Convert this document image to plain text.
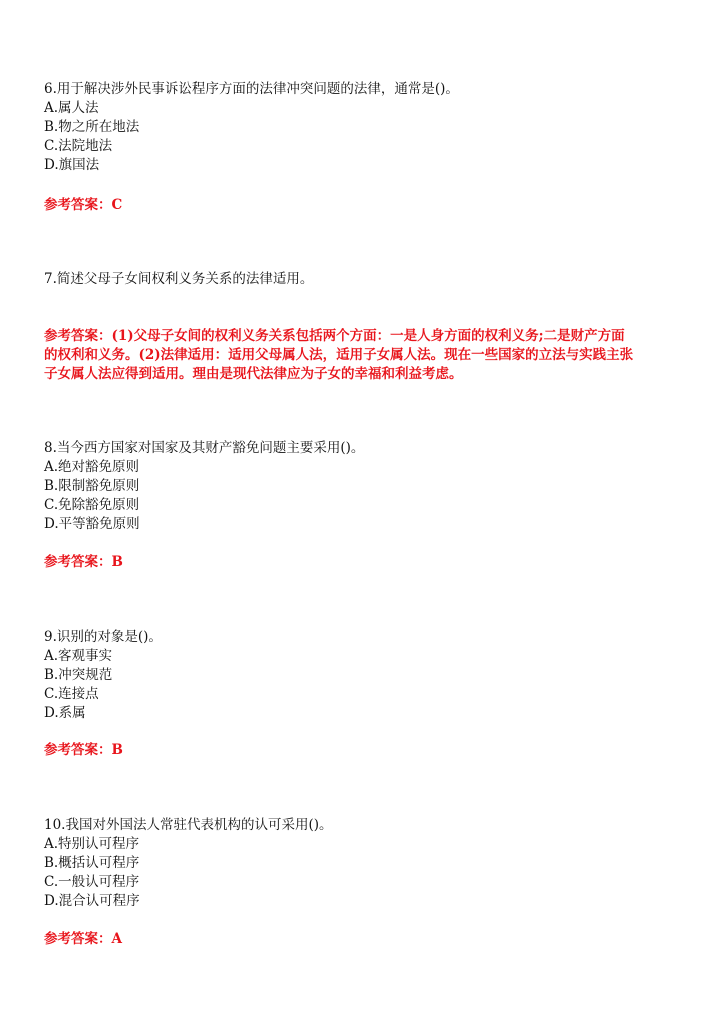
6.用于解决涉外民事诉讼程序方面的法律冲突问题的法律，通常是()。
A.属人法
B.物之所在地法
C.法院地法
D.旗国法
参考答案：C
7.简述父母子女间权利义务关系的法律适用。
参考答案：(1)父母子女间的权利义务关系包括两个方面：一是人身方面的权利义务;二是财产方面
的权利和义务。(2)法律适用：适用父母属人法，适用子女属人法。现在一些国家的立法与实践主张
子女属人法应得到适用。理由是现代法律应为子女的幸福和利益考虑。
8.当今西方国家对国家及其财产豁免问题主要采用()。
A.绝对豁免原则
B.限制豁免原则
C.免除豁免原则
D.平等豁免原则
参考答案：B
9.识别的对象是()。
A.客观事实
B.冲突规范
C.连接点
D.系属
参考答案：B
10.我国对外国法人常驻代表机构的认可采用()。
A.特别认可程序
B.概括认可程序
C.一般认可程序
D.混合认可程序
参考答案：A
